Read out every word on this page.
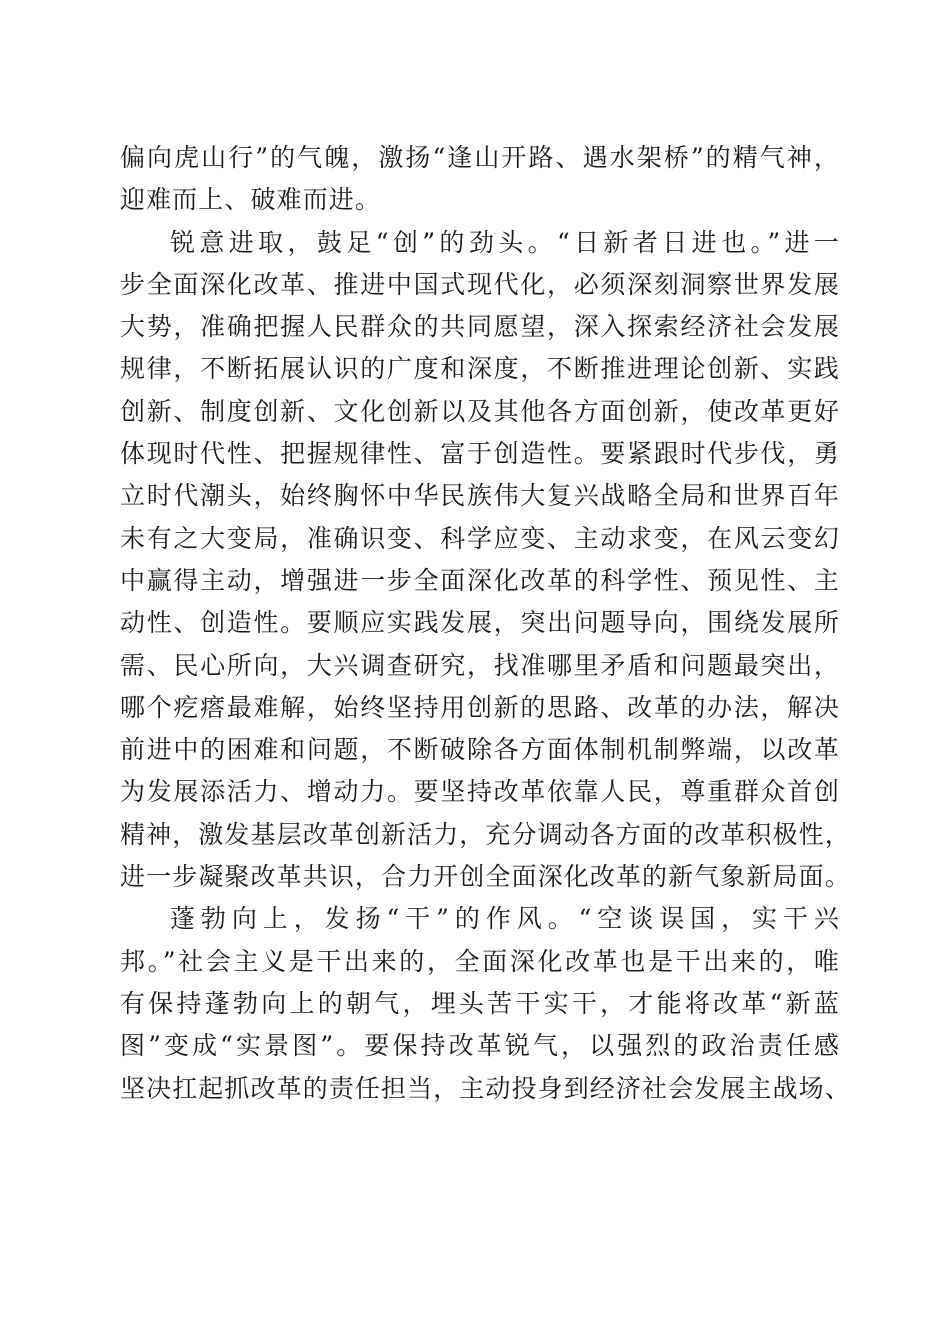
偏向虎山行”的气魄，激扬“逢山开路、遇水架桥”的精气神，
迎难而上、破难而进。
锐意进取，鼓足“创”的劲头。“日新者日进也。”进一
步全面深化改革、推进中国式现代化，必须深刻洞察世界发展
大势，准确把握人民群众的共同愿望，深入探索经济社会发展
规律，不断拓展认识的广度和深度，不断推进理论创新、实践
创新、制度创新、文化创新以及其他各方面创新，使改革更好
体现时代性、把握规律性、富于创造性。要紧跟时代步伐，勇
立时代潮头，始终胸怀中华民族伟大复兴战略全局和世界百年
未有之大变局，准确识变、科学应变、主动求变，在风云变幻
中赢得主动，增强进一步全面深化改革的科学性、预见性、主
动性、创造性。要顺应实践发展，突出问题导向，围绕发展所
需、民心所向，大兴调查研究，找准哪里矛盾和问题最突出，
哪个疙瘩最难解，始终坚持用创新的思路、改革的办法，解决
前进中的困难和问题，不断破除各方面体制机制弊端，以改革
为发展添活力、增动力。要坚持改革依靠人民，尊重群众首创
精神，激发基层改革创新活力，充分调动各方面的改革积极性，
进一步凝聚改革共识，合力开创全面深化改革的新气象新局面。
蓬勃向上，发扬“干”的作风。“空谈误国，实干兴
邦。”社会主义是干出来的，全面深化改革也是干出来的，唯
有保持蓬勃向上的朝气，埋头苦干实干，才能将改革“新蓝
图”变成“实景图”。要保持改革锐气，以强烈的政治责任感
坚决扛起抓改革的责任担当，主动投身到经济社会发展主战场、
